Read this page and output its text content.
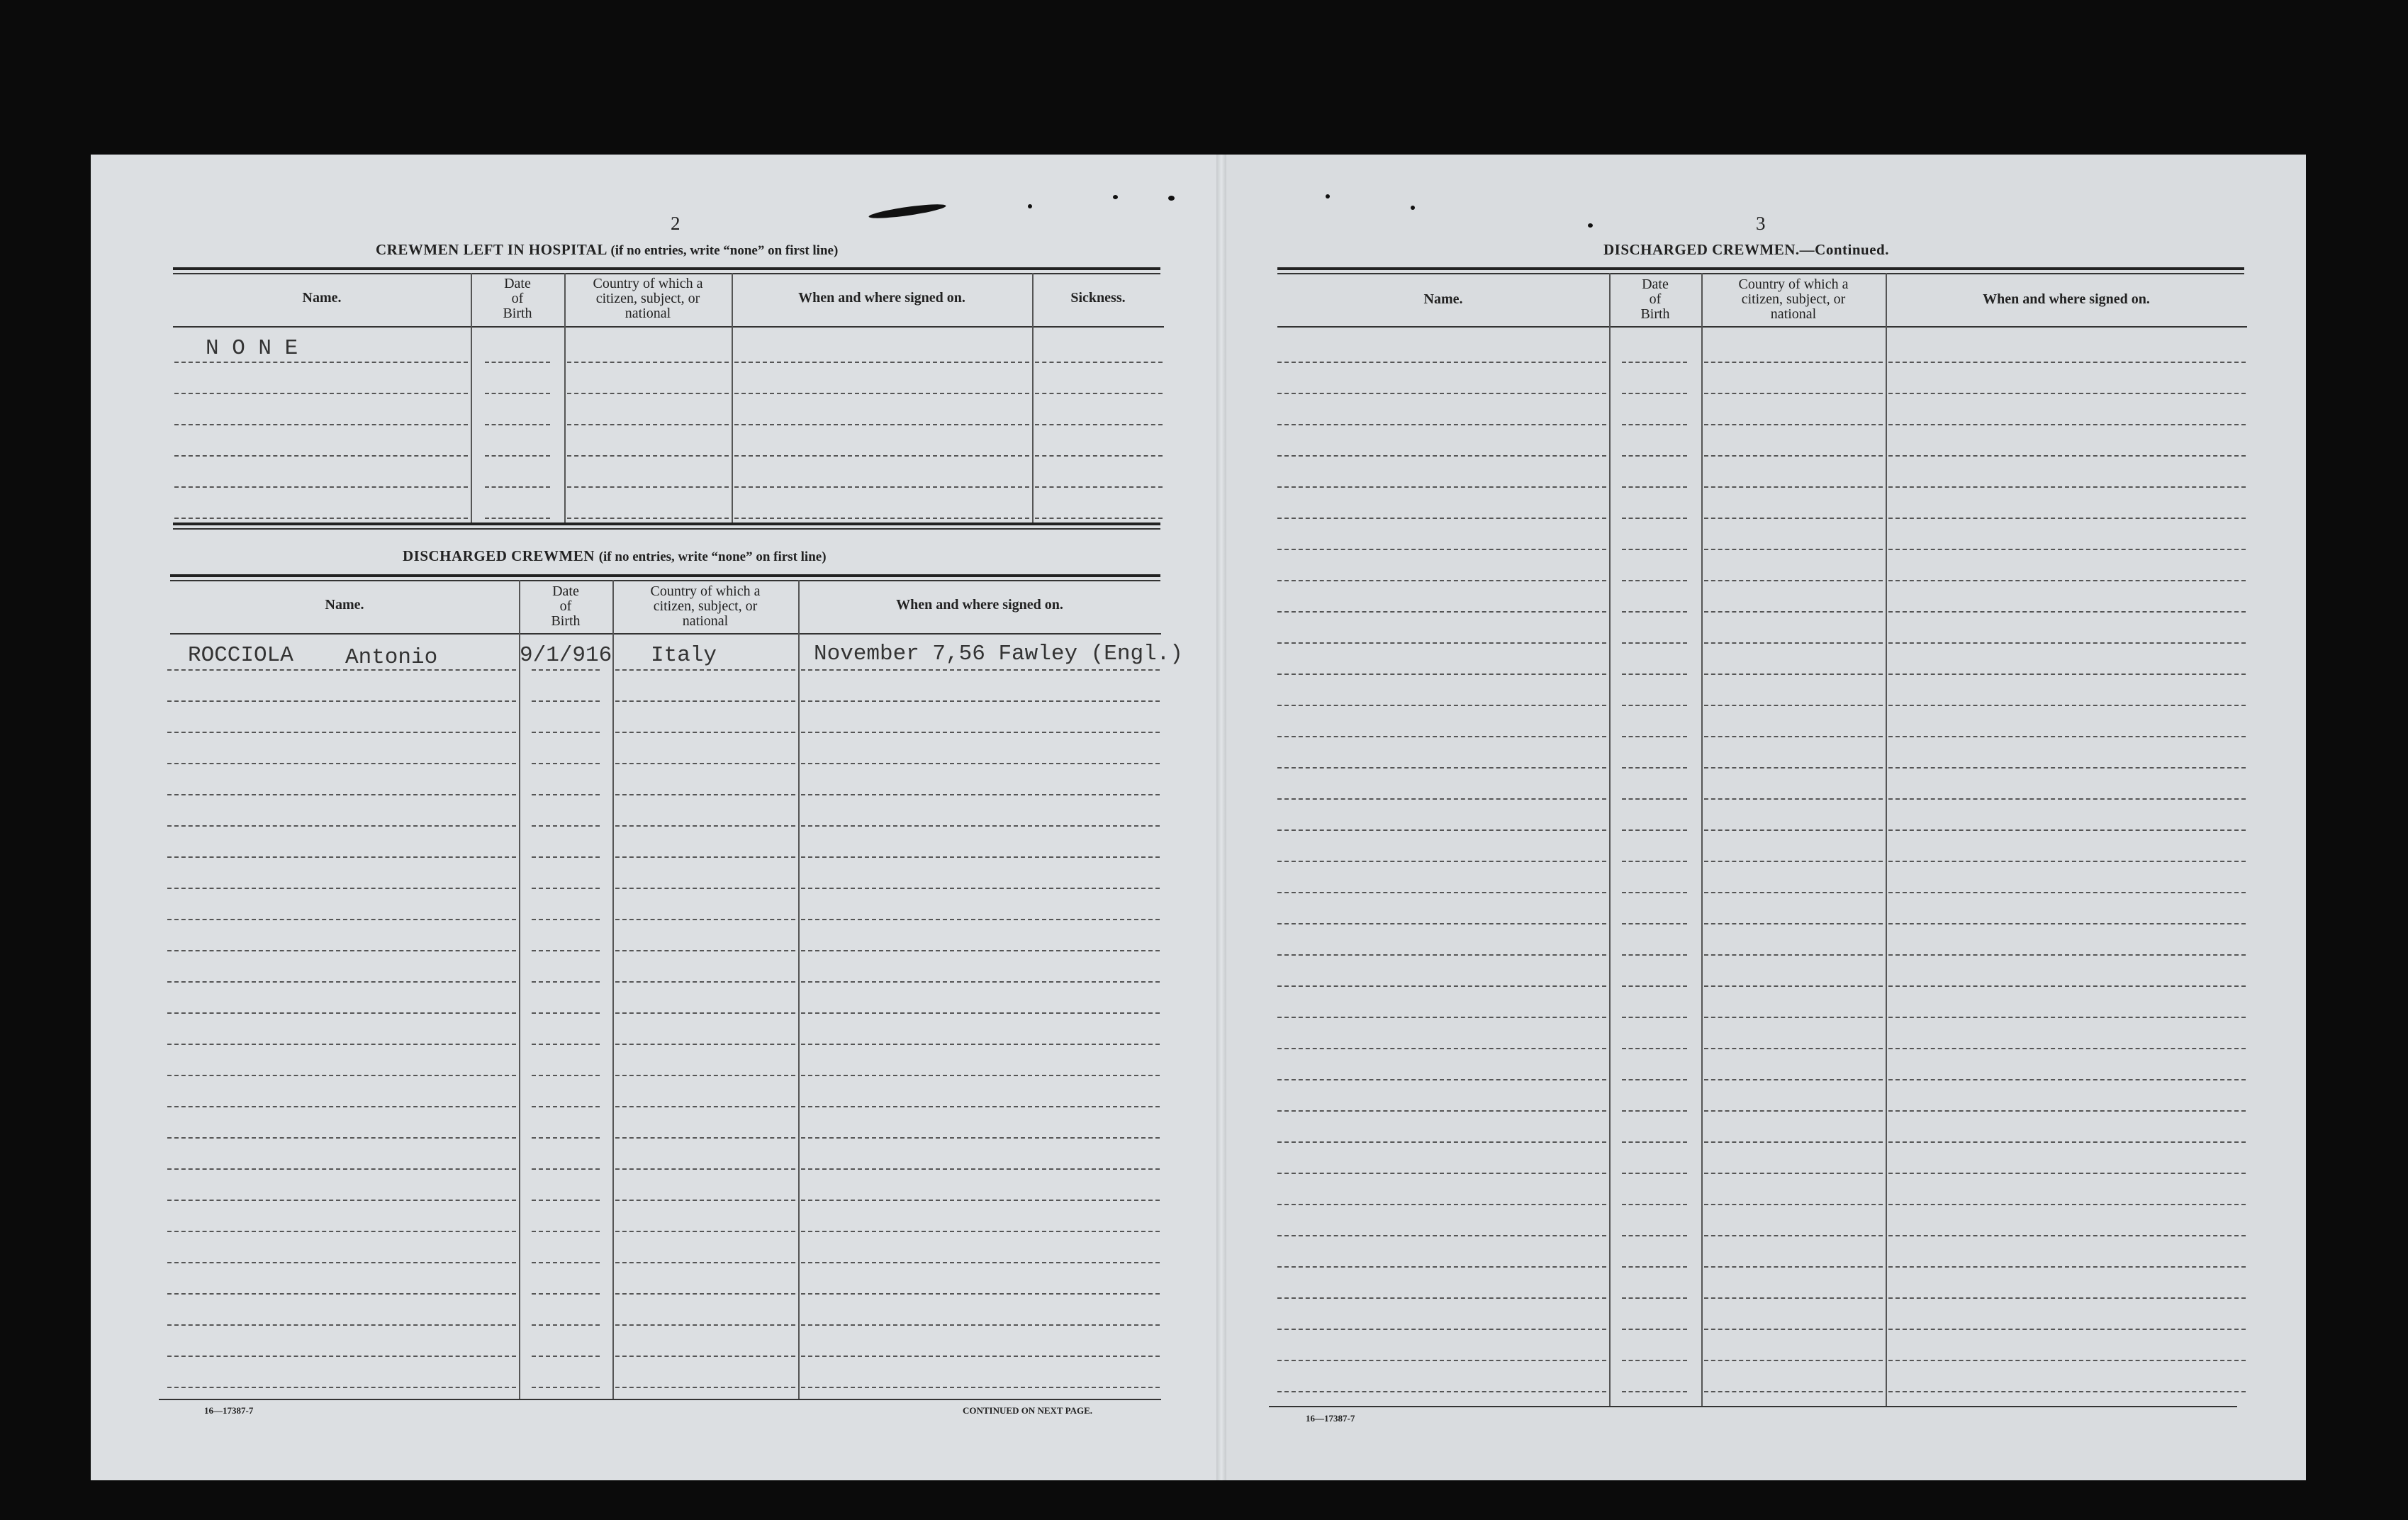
2
CREWMEN LEFT IN HOSPITAL (if no entries, write “none” on first line)
Name.
Date
of
Birth
Country of which a
citizen, subject, or
national
When and where signed on.	Sickness.
N O N E
DISCHARGED CREWMEN (if no entries, write “none” on first line)
Name.
Date
of
Birth
Country of which a
citizen, subject, or
national
When and where signed on.
ROCCIOLA Antonio	9/1/916 Italy	November 7,56 Fawley (Engl.)
16—17387-7	CONTINUED ON NEXT PAGE.
3
DISCHARGED CREWMEN.—Continued.
Name.
Date
of
Birth
Country of which a
citizen, subject, or
national
When and where signed on.
16—17387-7
